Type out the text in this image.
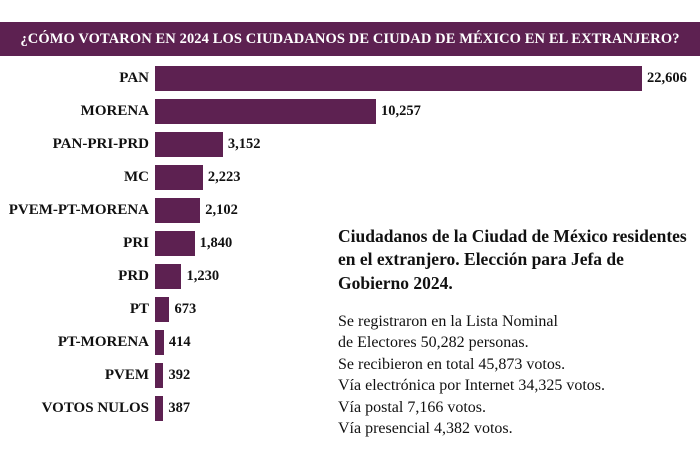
¿CÓMO VOTARON EN 2024 LOS CIUDADANOS DE CIUDAD DE MÉXICO EN EL EXTRANJERO?
PAN	22,606
MORENA	10,257
PAN-PRI-PRD	3,152
MC	2,223
PVEM-PT-MORENA	2,102
PRI	1,840
PRD	1,230
PT	673
PT-MORENA	414
PVEM	392
VOTOS NULOS	387
Ciudadanos de la Ciudad de México residentes en el extranjero. Elección para Jefa de Gobierno 2024.

Se registraron en la Lista Nominal

de Electores 50,282 personas.

Se recibieron en total 45,873 votos.

Vía electrónica por Internet 34,325 votos.

Vía postal 7,166 votos.

Vía presencial 4,382 votos.
